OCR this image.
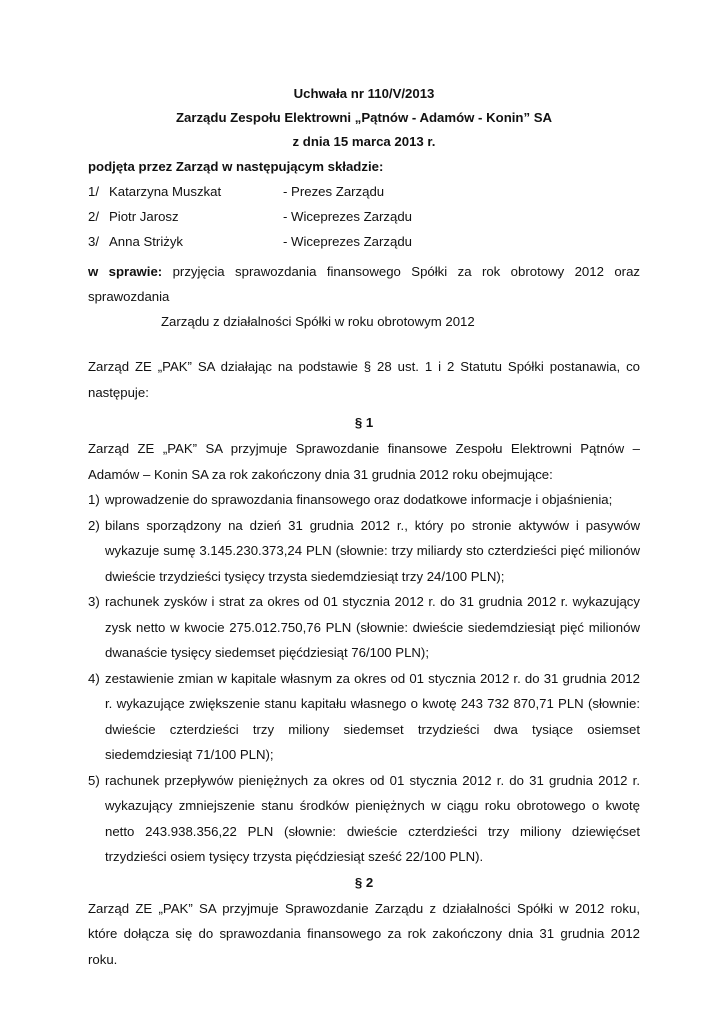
Uchwała nr 110/V/2013
Zarządu Zespołu Elektrowni „Pątnów - Adamów - Konin” SA
z dnia 15 marca 2013 r.
podjęta przez Zarząd w następującym składzie:
1/ Katarzyna Muszkat	- Prezes Zarządu
2/ Piotr Jarosz	- Wiceprezes Zarządu
3/ Anna Striżyk	- Wiceprezes Zarządu
w sprawie: przyjęcia sprawozdania finansowego Spółki za rok obrotowy 2012 oraz sprawozdania
Zarządu z działalności Spółki w roku obrotowym 2012

Zarząd ZE „PAK” SA działając na podstawie § 28 ust. 1 i 2 Statutu Spółki postanawia, co następuje:

§ 1

Zarząd ZE „PAK” SA przyjmuje Sprawozdanie finansowe Zespołu Elektrowni Pątnów – Adamów – Konin SA za rok zakończony dnia 31 grudnia 2012 roku obejmujące:

1) wprowadzenie do sprawozdania finansowego oraz dodatkowe informacje i objaśnienia;
2) bilans sporządzony na dzień 31 grudnia 2012 r., który po stronie aktywów i pasywów wykazuje sumę 3.145.230.373,24 PLN (słownie: trzy miliardy sto czterdzieści pięć milionów dwieście trzydzieści tysięcy trzysta siedemdziesiąt trzy 24/100 PLN);
3) rachunek zysków i strat za okres od 01 stycznia 2012 r. do 31 grudnia 2012 r. wykazujący zysk netto w kwocie 275.012.750,76 PLN (słownie: dwieście siedemdziesiąt pięć milionów dwanaście tysięcy siedemset pięćdziesiąt 76/100 PLN);
4) zestawienie zmian w kapitale własnym za okres od 01 stycznia 2012 r. do 31 grudnia 2012 r. wykazujące zwiększenie stanu kapitału własnego o kwotę 243 732 870,71 PLN (słownie: dwieście czterdzieści trzy miliony siedemset trzydzieści dwa tysiące osiemset siedemdziesiąt 71/100 PLN);
5) rachunek przepływów pieniężnych za okres od 01 stycznia 2012 r. do 31 grudnia 2012 r. wykazujący zmniejszenie stanu środków pieniężnych w ciągu roku obrotowego o kwotę netto 243.938.356,22 PLN (słownie: dwieście czterdzieści trzy miliony dziewięćset trzydzieści osiem tysięcy trzysta pięćdziesiąt sześć 22/100 PLN).
§ 2

Zarząd ZE „PAK” SA przyjmuje Sprawozdanie Zarządu z działalności Spółki w 2012 roku, które dołącza się do sprawozdania finansowego za rok zakończony dnia 31 grudnia 2012 roku.
